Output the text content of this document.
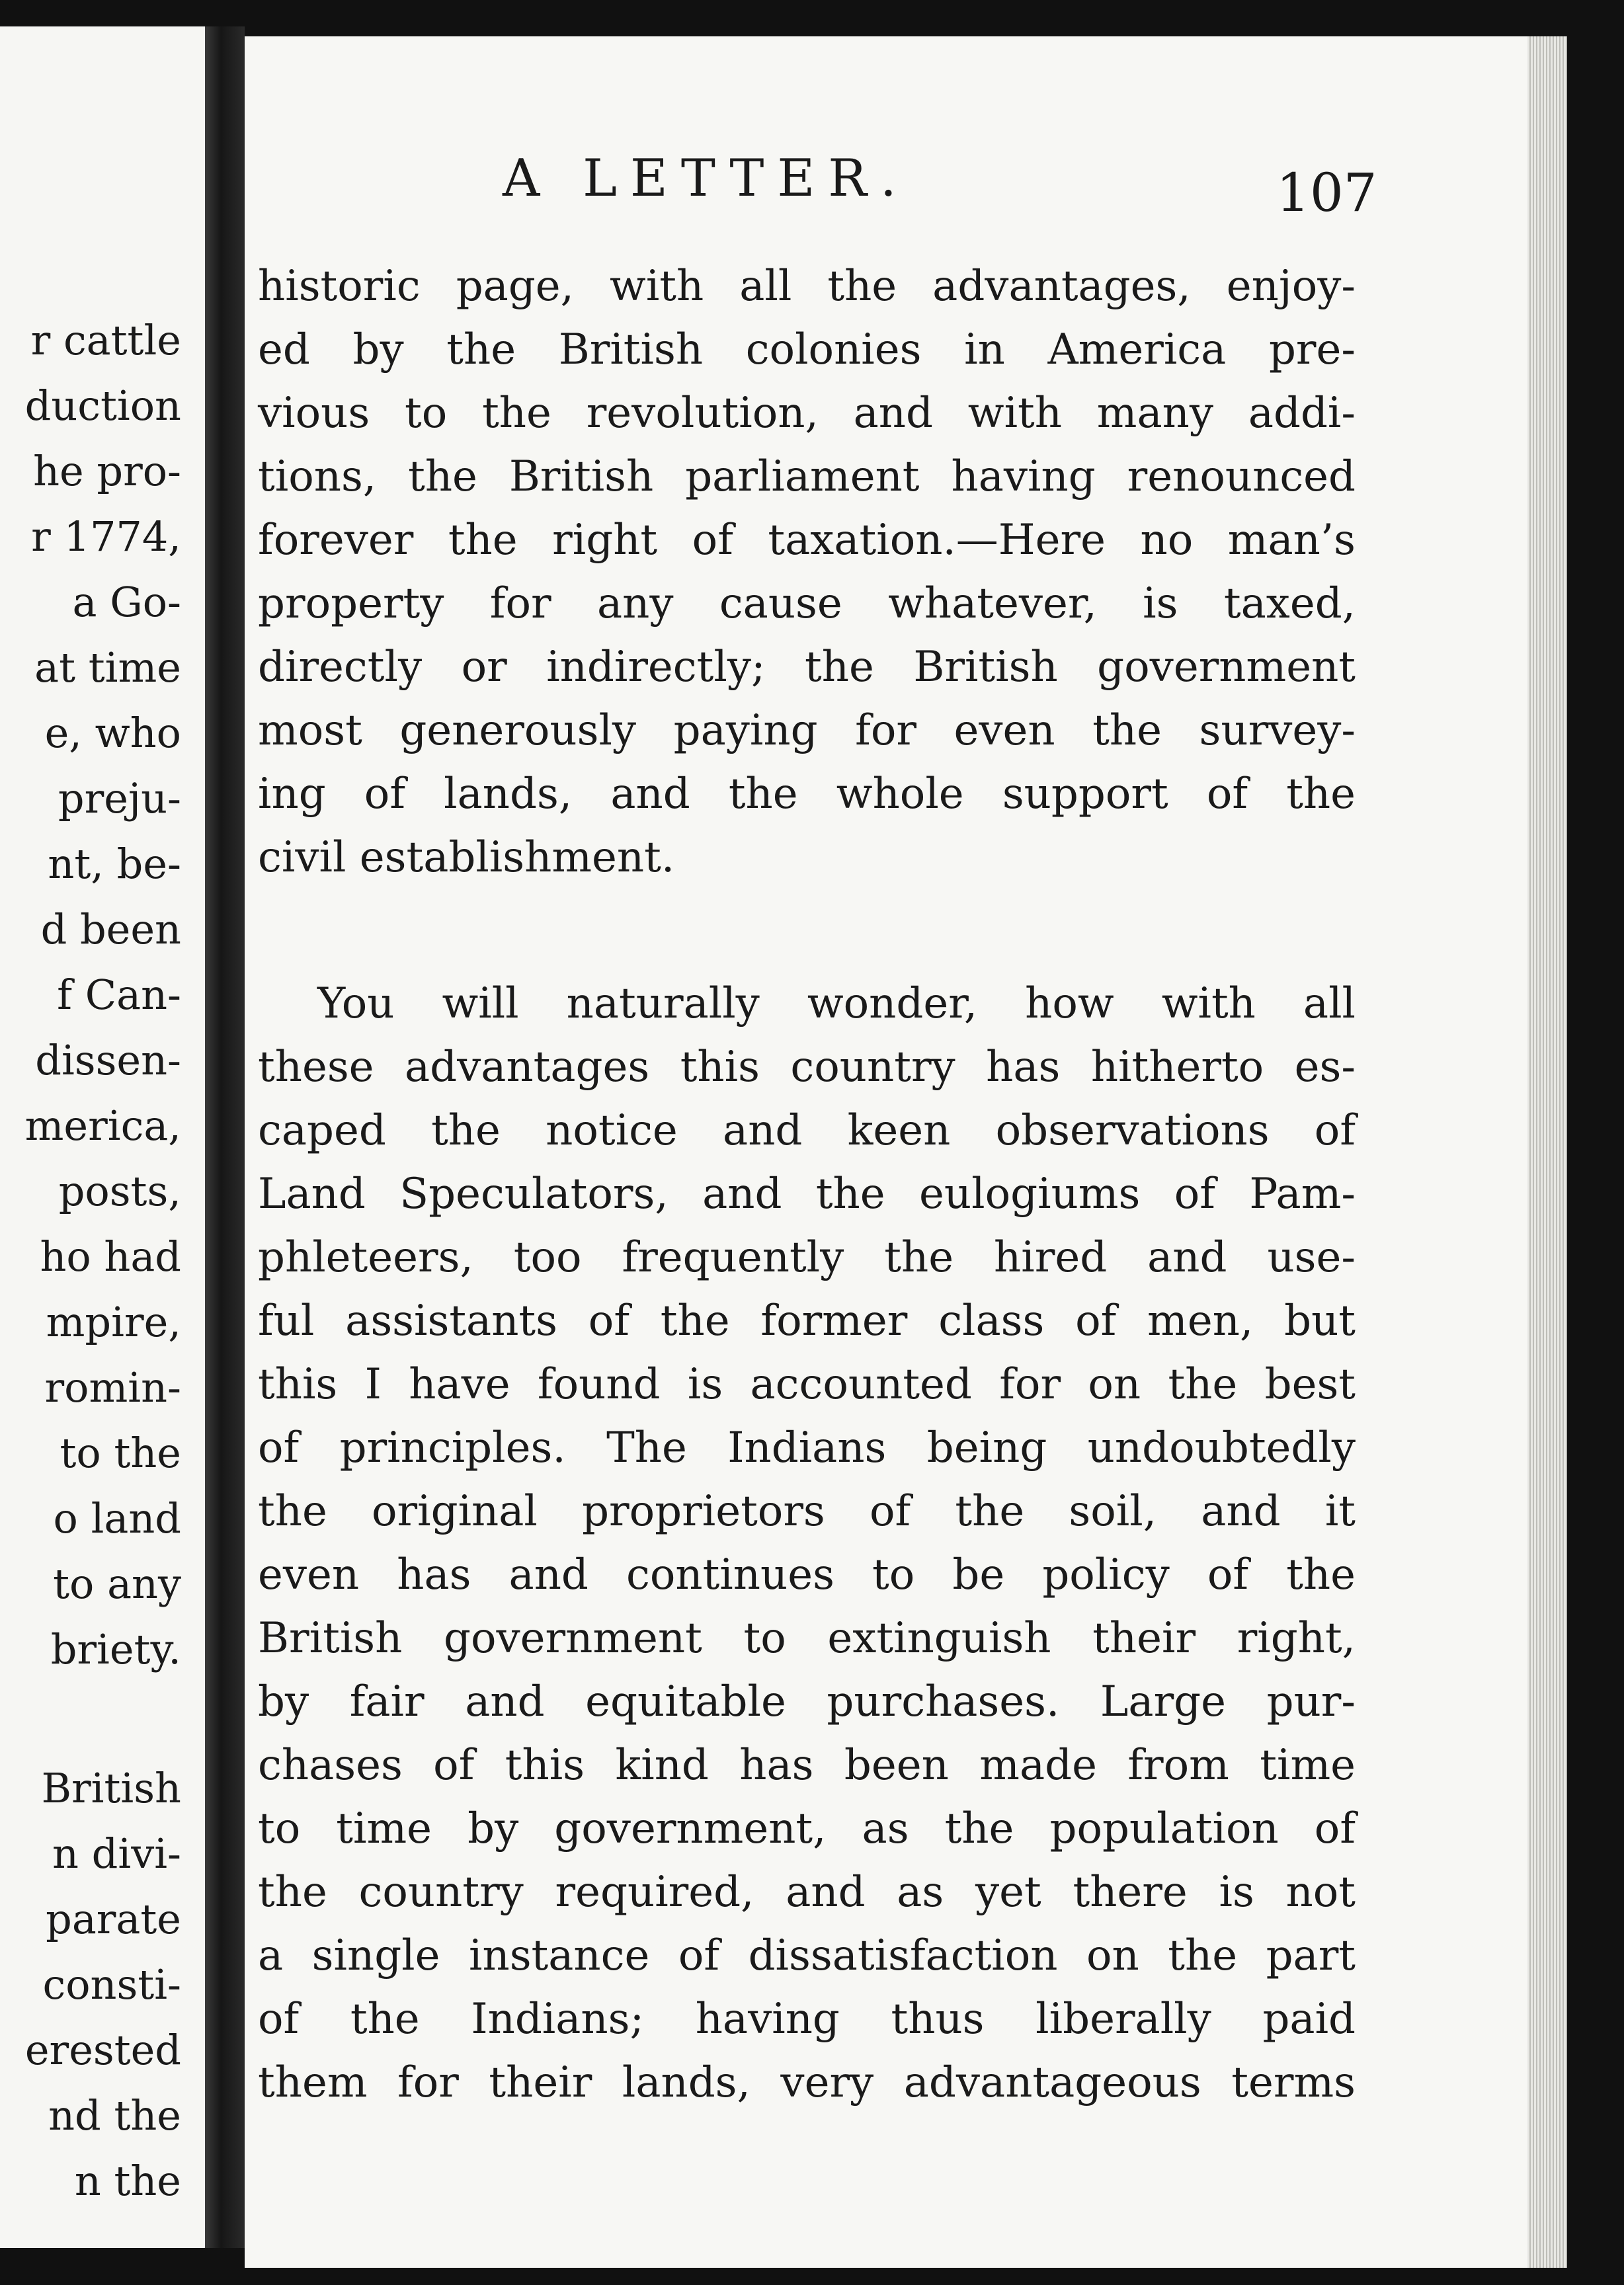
r cattle
duction
he pro-
r 1774,
a Go-
at time
e, who
preju-
nt, be-
d been
f Can-
dissen-
merica,
posts,
ho had
mpire,
romin-
to the
o land
to any
briety.
British
n divi-
parate
consti-
erested
nd the
n the
A LETTER.	107

historic page, with all the advantages, enjoy-
ed by the British colonies in America pre-
vious to the revolution, and with many addi-
tions, the British parliament having renounced
forever the right of taxation.—Here no man’s
property for any cause whatever, is taxed,
directly or indirectly; the British government
most generously paying for even the survey-
ing of lands, and the whole support of the
civil establishment.

You will naturally wonder, how with all
these advantages this country has hitherto es-
caped the notice and keen observations of
Land Speculators, and the eulogiums of Pam-
phleteers, too frequently the hired and use-
ful assistants of the former class of men, but
this I have found is accounted for on the best
of principles. The Indians being undoubtedly
the original proprietors of the soil, and it
even has and continues to be policy of the
British government to extinguish their right,
by fair and equitable purchases. Large pur-
chases of this kind has been made from time
to time by government, as the population of
the country required, and as yet there is not
a single instance of dissatisfaction on the part
of the Indians; having thus liberally paid
them for their lands, very advantageous terms
